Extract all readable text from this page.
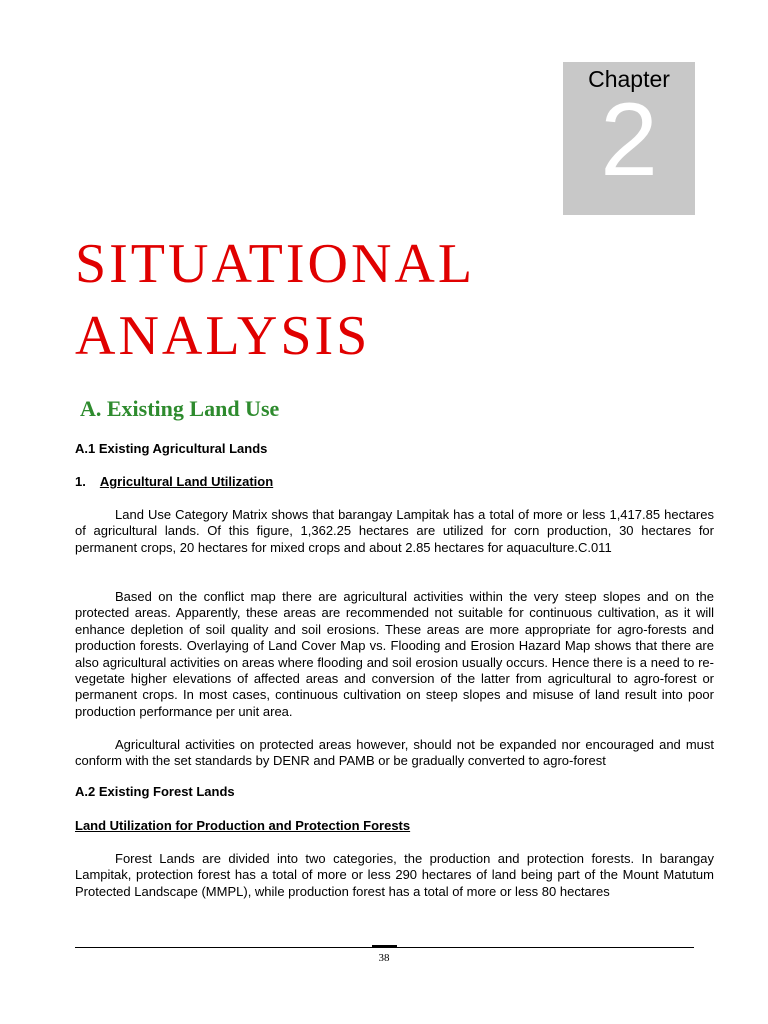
Chapter
2
SITUATIONAL
ANALYSIS
A. Existing Land Use
A.1 Existing Agricultural Lands
1. Agricultural Land Utilization

Land Use Category Matrix shows that barangay Lampitak has a total of more or less 1,417.85 hectares of agricultural lands. Of this figure, 1,362.25 hectares are utilized for corn production, 30 hectares for permanent crops, 20 hectares for mixed crops and about 2.85 hectares for aquaculture.C.011

Based on the conflict map there are agricultural activities within the very steep slopes and on the protected areas. Apparently, these areas are recommended not suitable for continuous cultivation, as it will enhance depletion of soil quality and soil erosions. These areas are more appropriate for agro-forests and production forests. Overlaying of Land Cover Map vs. Flooding and Erosion Hazard Map shows that there are also agricultural activities on areas where flooding and soil erosion usually occurs. Hence there is a need to re-vegetate higher elevations of affected areas and conversion of the latter from agricultural to agro-forest or permanent crops. In most cases, continuous cultivation on steep slopes and misuse of land result into poor production performance per unit area.

Agricultural activities on protected areas however, should not be expanded nor encouraged and must conform with the set standards by DENR and PAMB or be gradually converted to agro-forest

A.2 Existing Forest Lands
Land Utilization for Production and Protection Forests

Forest Lands are divided into two categories, the production and protection forests. In barangay Lampitak, protection forest has a total of more or less 290 hectares of land being part of the Mount Matutum Protected Landscape (MMPL), while production forest has a total of more or less 80 hectares

38
